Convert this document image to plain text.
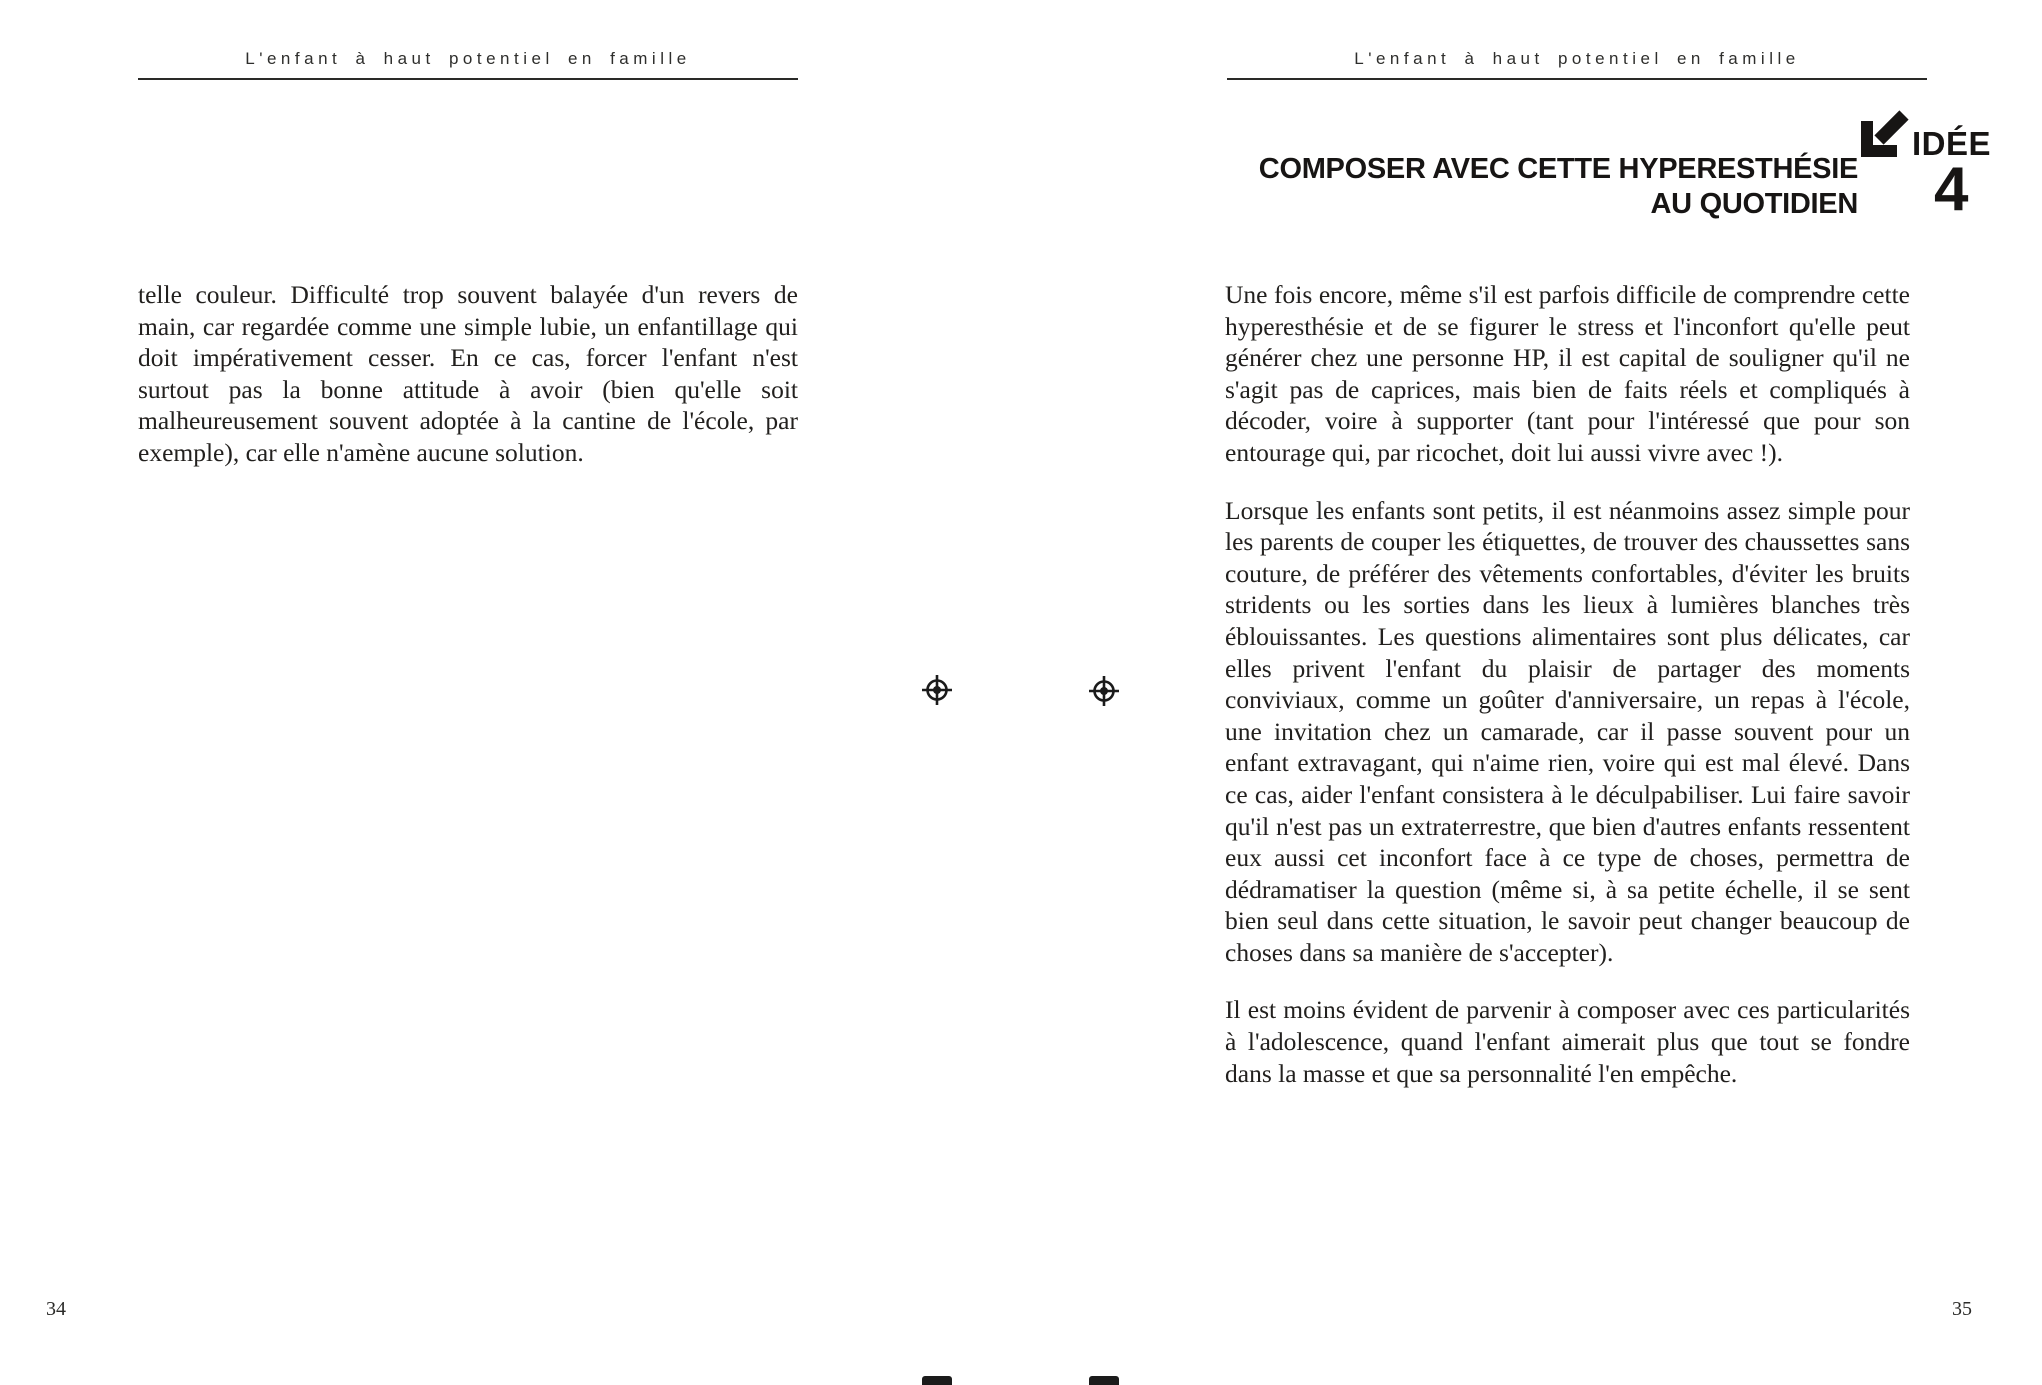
L'enfant à haut potentiel en famille

telle couleur. Difficulté trop souvent balayée d'un revers de main, car regardée comme une simple lubie, un enfantillage qui doit impérativement cesser. En ce cas, forcer l'enfant n'est surtout pas la bonne attitude à avoir (bien qu'elle soit malheureusement souvent adoptée à la cantine de l'école, par exemple), car elle n'amène aucune solution.

34
L'enfant à haut potentiel en famille
COMPOSER AVEC CETTE HYPERESTHÉSIE
AU QUOTIDIEN
IDÉE
4

Une fois encore, même s'il est parfois difficile de comprendre cette hyperesthésie et de se figurer le stress et l'inconfort qu'elle peut générer chez une personne HP, il est capital de souligner qu'il ne s'agit pas de caprices, mais bien de faits réels et compliqués à décoder, voire à supporter (tant pour l'intéressé que pour son entourage qui, par ricochet, doit lui aussi vivre avec !).

Lorsque les enfants sont petits, il est néanmoins assez simple pour les parents de couper les étiquettes, de trouver des chaussettes sans couture, de préférer des vêtements confortables, d'éviter les bruits stridents ou les sorties dans les lieux à lumières blanches très éblouissantes. Les questions alimentaires sont plus délicates, car elles privent l'enfant du plaisir de partager des moments conviviaux, comme un goûter d'anniversaire, un repas à l'école, une invitation chez un camarade, car il passe souvent pour un enfant extravagant, qui n'aime rien, voire qui est mal élevé. Dans ce cas, aider l'enfant consistera à le déculpabiliser. Lui faire savoir qu'il n'est pas un extraterrestre, que bien d'autres enfants ressentent eux aussi cet inconfort face à ce type de choses, permettra de dédramatiser la question (même si, à sa petite échelle, il se sent bien seul dans cette situation, le savoir peut changer beaucoup de choses dans sa manière de s'accepter).

Il est moins évident de parvenir à composer avec ces particularités à l'adolescence, quand l'enfant aimerait plus que tout se fondre dans la masse et que sa personnalité l'en empêche.

35
